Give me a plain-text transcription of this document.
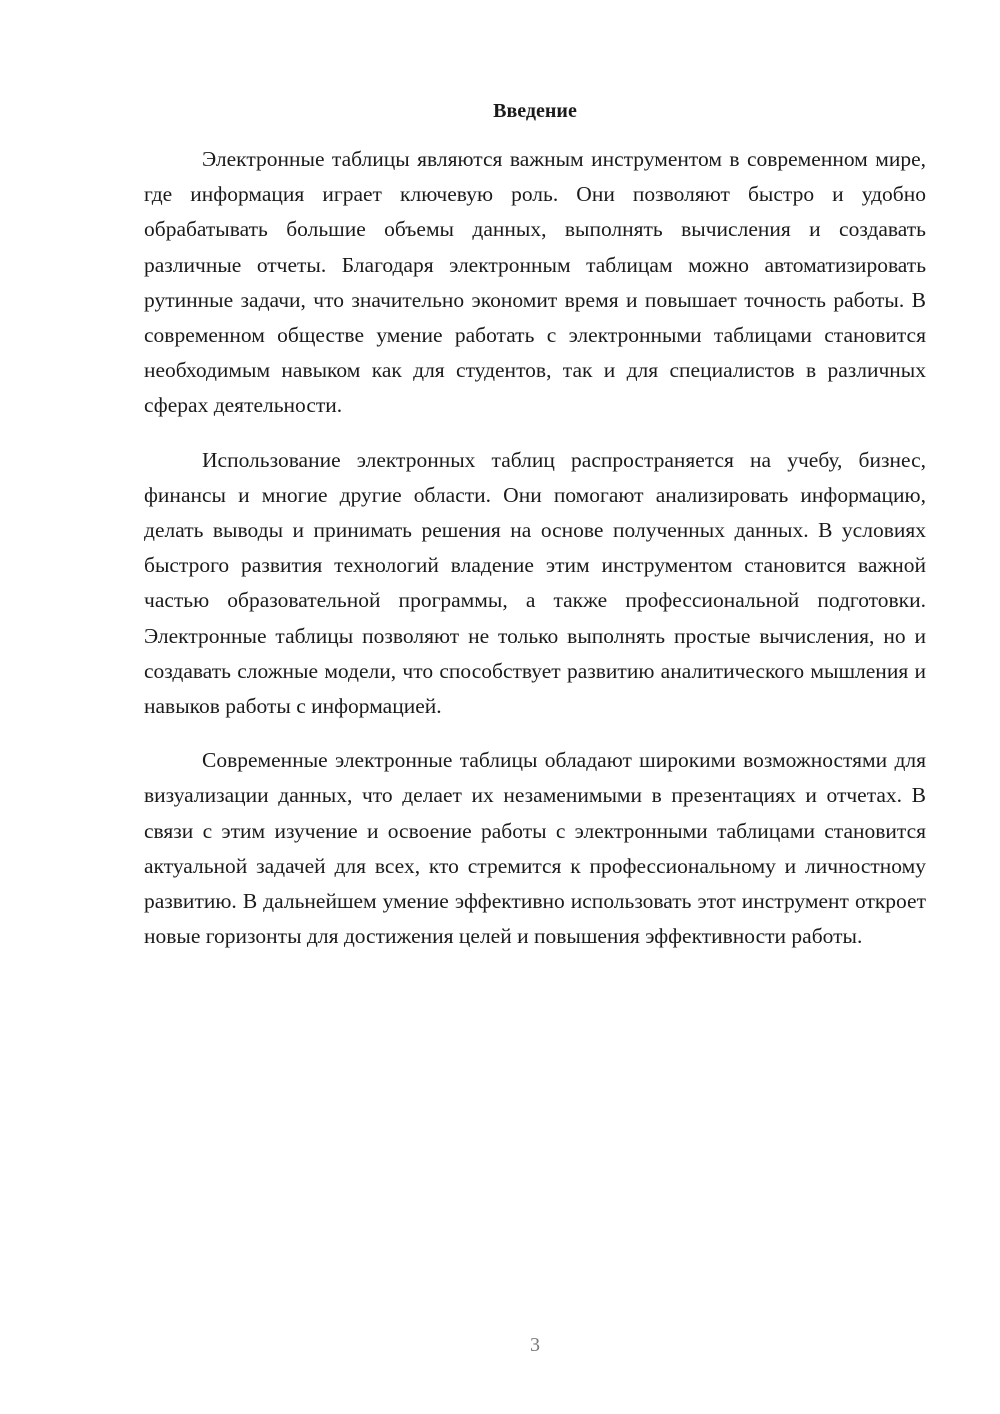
Введение

Электронные таблицы являются важным инструментом в современном мире, где информация играет ключевую роль. Они позволяют быстро и удобно обрабатывать большие объемы данных, выполнять вычисления и создавать различные отчеты. Благодаря электронным таблицам можно автоматизировать рутинные задачи, что значительно экономит время и повышает точность работы. В современном обществе умение работать с электронными таблицами становится необходимым навыком как для студентов, так и для специалистов в различных сферах деятельности.

Использование электронных таблиц распространяется на учебу, бизнес, финансы и многие другие области. Они помогают анализировать информацию, делать выводы и принимать решения на основе полученных данных. В условиях быстрого развития технологий владение этим инструментом становится важной частью образовательной программы, а также профессиональной подготовки. Электронные таблицы позволяют не только выполнять простые вычисления, но и создавать сложные модели, что способствует развитию аналитического мышления и навыков работы с информацией.

Современные электронные таблицы обладают широкими возможностями для визуализации данных, что делает их незаменимыми в презентациях и отчетах. В связи с этим изучение и освоение работы с электронными таблицами становится актуальной задачей для всех, кто стремится к профессиональному и личностному развитию. В дальнейшем умение эффективно использовать этот инструмент откроет новые горизонты для достижения целей и повышения эффективности работы.

3
